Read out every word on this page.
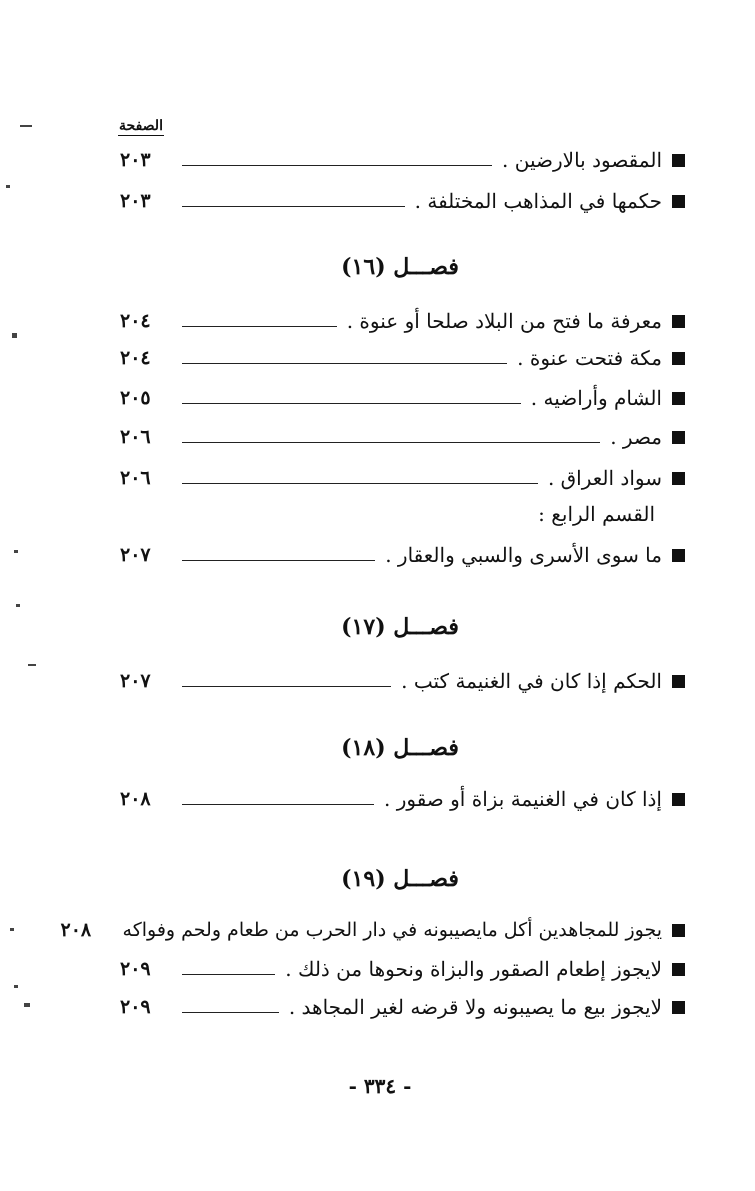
الصفحة
المقصود بالارضين .
٢٠٣
حكمها في المذاهب المختلفة .
٢٠٣
فصـــل (١٦)
معرفة ما فتح من البلاد صلحا أو عنوة .
٢٠٤
مكة فتحت عنوة .
٢٠٤
الشام وأراضيه .
٢٠٥
مصر .
٢٠٦
سواد العراق .
٢٠٦
القسم الرابع :
ما سوى الأسرى والسبي والعقار .
٢٠٧
فصـــل (١٧)
الحكم إذا كان في الغنيمة كتب .
٢٠٧
فصـــل (١٨)
إذا كان في الغنيمة بزاة أو صقور .
٢٠٨
فصـــل (١٩)
يجوز للمجاهدين أكل مايصيبونه في دار الحرب من طعام ولحم وفواكه
٢٠٨
لايجوز إطعام الصقور والبزاة ونحوها من ذلك .
٢٠٩
لايجوز بيع ما يصيبونه ولا قرضه لغير المجاهد .
٢٠٩
- ٣٣٤ -
